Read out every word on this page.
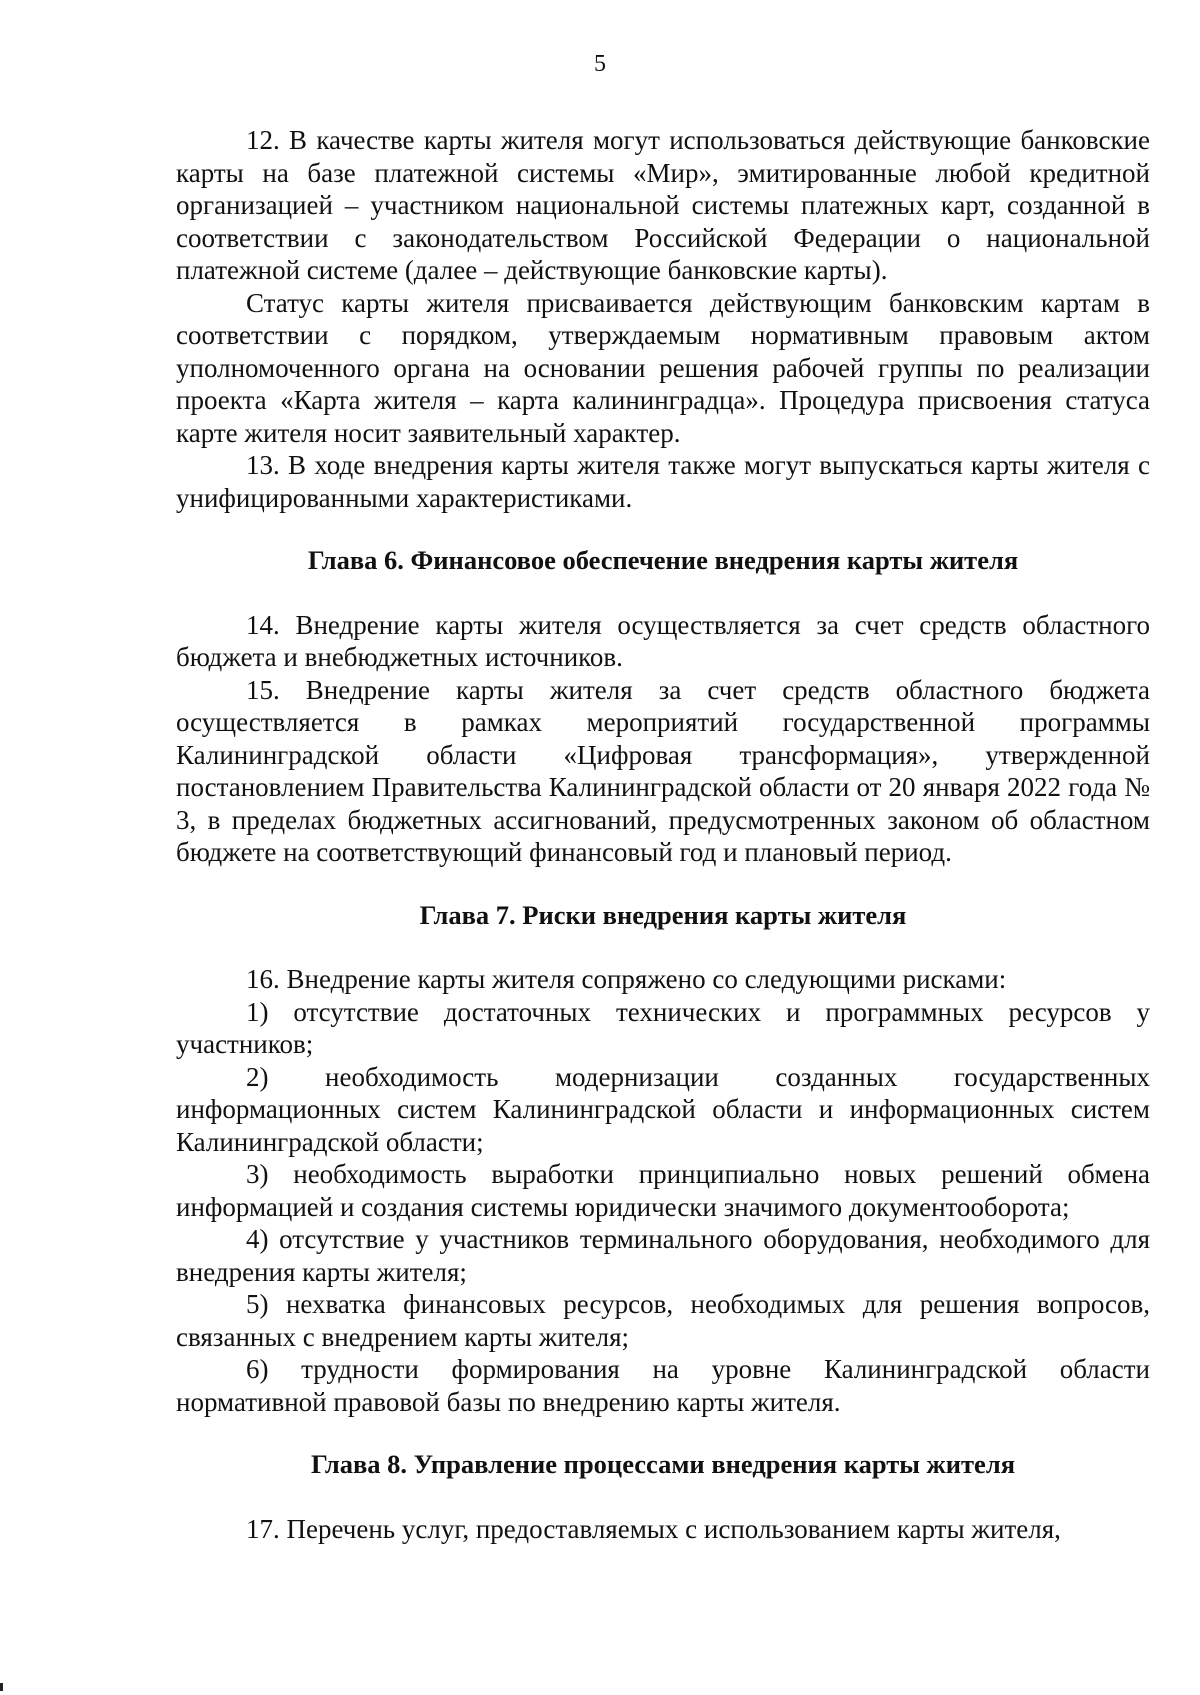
5

12. В качестве карты жителя могут использоваться действующие банковские карты на базе платежной системы «Мир», эмитированные любой кредитной организацией – участником национальной системы платежных карт, созданной в соответствии с законодательством Российской Федерации о национальной платежной системе (далее – действующие банковские карты).

Статус карты жителя присваивается действующим банковским картам в соответствии с порядком, утверждаемым нормативным правовым актом уполномоченного органа на основании решения рабочей группы по реализации проекта «Карта жителя – карта калининградца». Процедура присвоения статуса карте жителя носит заявительный характер.

13. В ходе внедрения карты жителя также могут выпускаться карты жителя с унифицированными характеристиками.

Глава 6. Финансовое обеспечение внедрения карты жителя

14. Внедрение карты жителя осуществляется за счет средств областного бюджета и внебюджетных источников.

15. Внедрение карты жителя за счет средств областного бюджета осуществляется в рамках мероприятий государственной программы Калининградской области «Цифровая трансформация», утвержденной постановлением Правительства Калининградской области от 20 января 2022 года № 3, в пределах бюджетных ассигнований, предусмотренных законом об областном бюджете на соответствующий финансовый год и плановый период.

Глава 7. Риски внедрения карты жителя

16. Внедрение карты жителя сопряжено со следующими рисками:

1) отсутствие достаточных технических и программных ресурсов у участников;

2) необходимость модернизации созданных государственных информационных систем Калининградской области и информационных систем Калининградской области;

3) необходимость выработки принципиально новых решений обмена информацией и создания системы юридически значимого документооборота;

4) отсутствие у участников терминального оборудования, необходимого для внедрения карты жителя;

5) нехватка финансовых ресурсов, необходимых для решения вопросов, связанных с внедрением карты жителя;

6) трудности формирования на уровне Калининградской области нормативной правовой базы по внедрению карты жителя.

Глава 8. Управление процессами внедрения карты жителя

17. Перечень услуг, предоставляемых с использованием карты жителя,
